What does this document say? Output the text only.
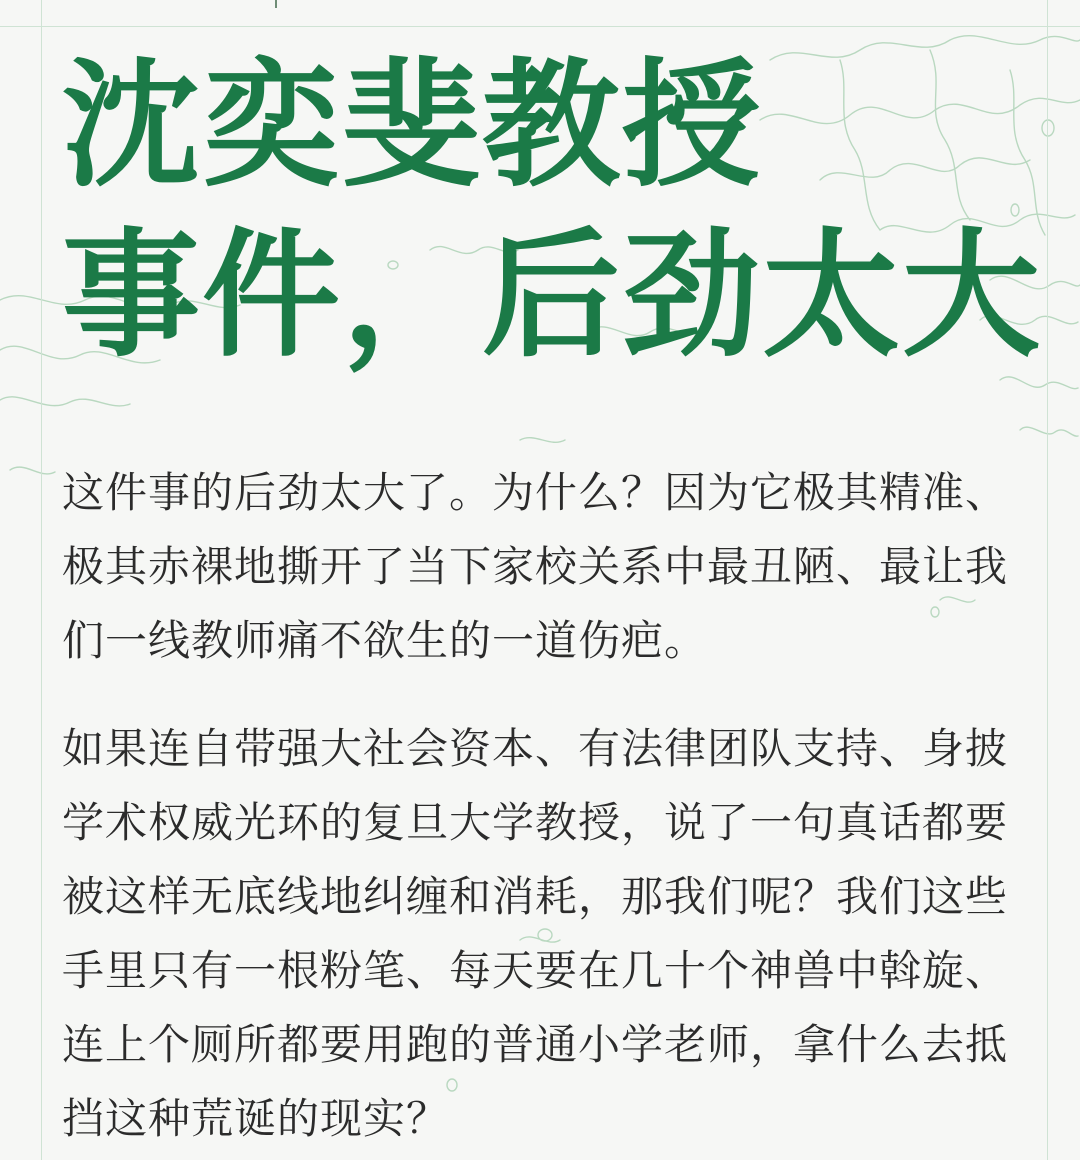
沈奕斐教授
事件，后劲太大

这件事的后劲太大了。为什么？因为它极其精准、极其赤裸地撕开了当下家校关系中最丑陋、最让我们一线教师痛不欲生的一道伤疤。

如果连自带强大社会资本、有法律团队支持、身披学术权威光环的复旦大学教授，说了一句真话都要被这样无底线地纠缠和消耗，那我们呢？我们这些手里只有一根粉笔、每天要在几十个神兽中斡旋、连上个厕所都要用跑的普通小学老师，拿什么去抵挡这种荒诞的现实？
